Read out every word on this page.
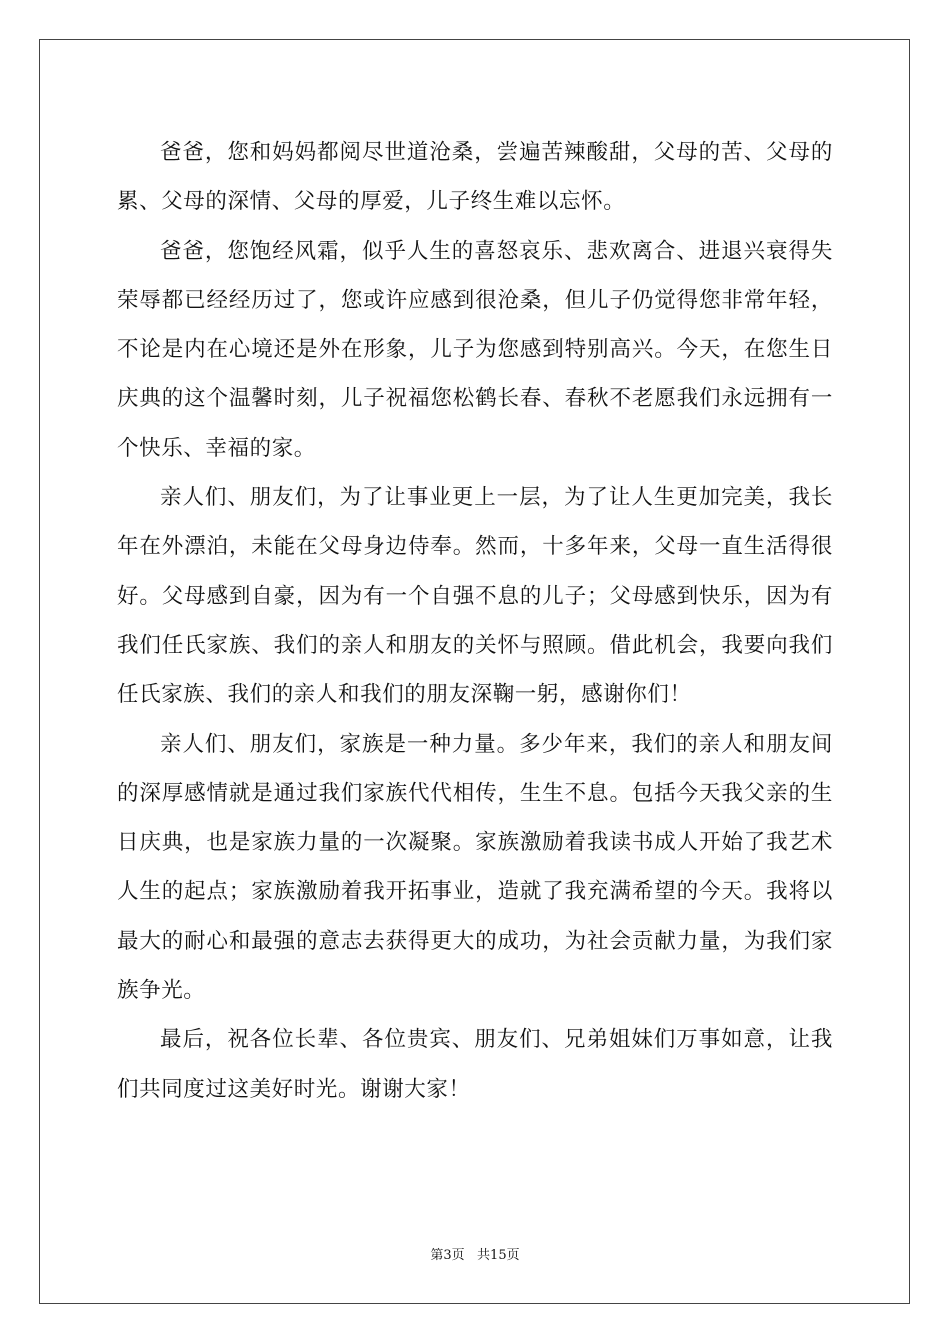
爸爸，您和妈妈都阅尽世道沧桑，尝遍苦辣酸甜，父母的苦、父母的累、父母的深情、父母的厚爱，儿子终生难以忘怀。

爸爸，您饱经风霜，似乎人生的喜怒哀乐、悲欢离合、进退兴衰得失荣辱都已经经历过了，您或许应感到很沧桑，但儿子仍觉得您非常年轻，不论是内在心境还是外在形象，儿子为您感到特别高兴。今天，在您生日庆典的这个温馨时刻，儿子祝福您松鹤长春、春秋不老愿我们永远拥有一个快乐、幸福的家。

亲人们、朋友们，为了让事业更上一层，为了让人生更加完美，我长年在外漂泊，未能在父母身边侍奉。然而，十多年来，父母一直生活得很好。父母感到自豪，因为有一个自强不息的儿子；父母感到快乐，因为有我们任氏家族、我们的亲人和朋友的关怀与照顾。借此机会，我要向我们任氏家族、我们的亲人和我们的朋友深鞠一躬，感谢你们！

亲人们、朋友们，家族是一种力量。多少年来，我们的亲人和朋友间的深厚感情就是通过我们家族代代相传，生生不息。包括今天我父亲的生日庆典，也是家族力量的一次凝聚。家族激励着我读书成人开始了我艺术人生的起点；家族激励着我开拓事业，造就了我充满希望的今天。我将以最大的耐心和最强的意志去获得更大的成功，为社会贡献力量，为我们家族争光。

最后，祝各位长辈、各位贵宾、朋友们、兄弟姐妹们万事如意，让我们共同度过这美好时光。谢谢大家！

第3页   共15页
